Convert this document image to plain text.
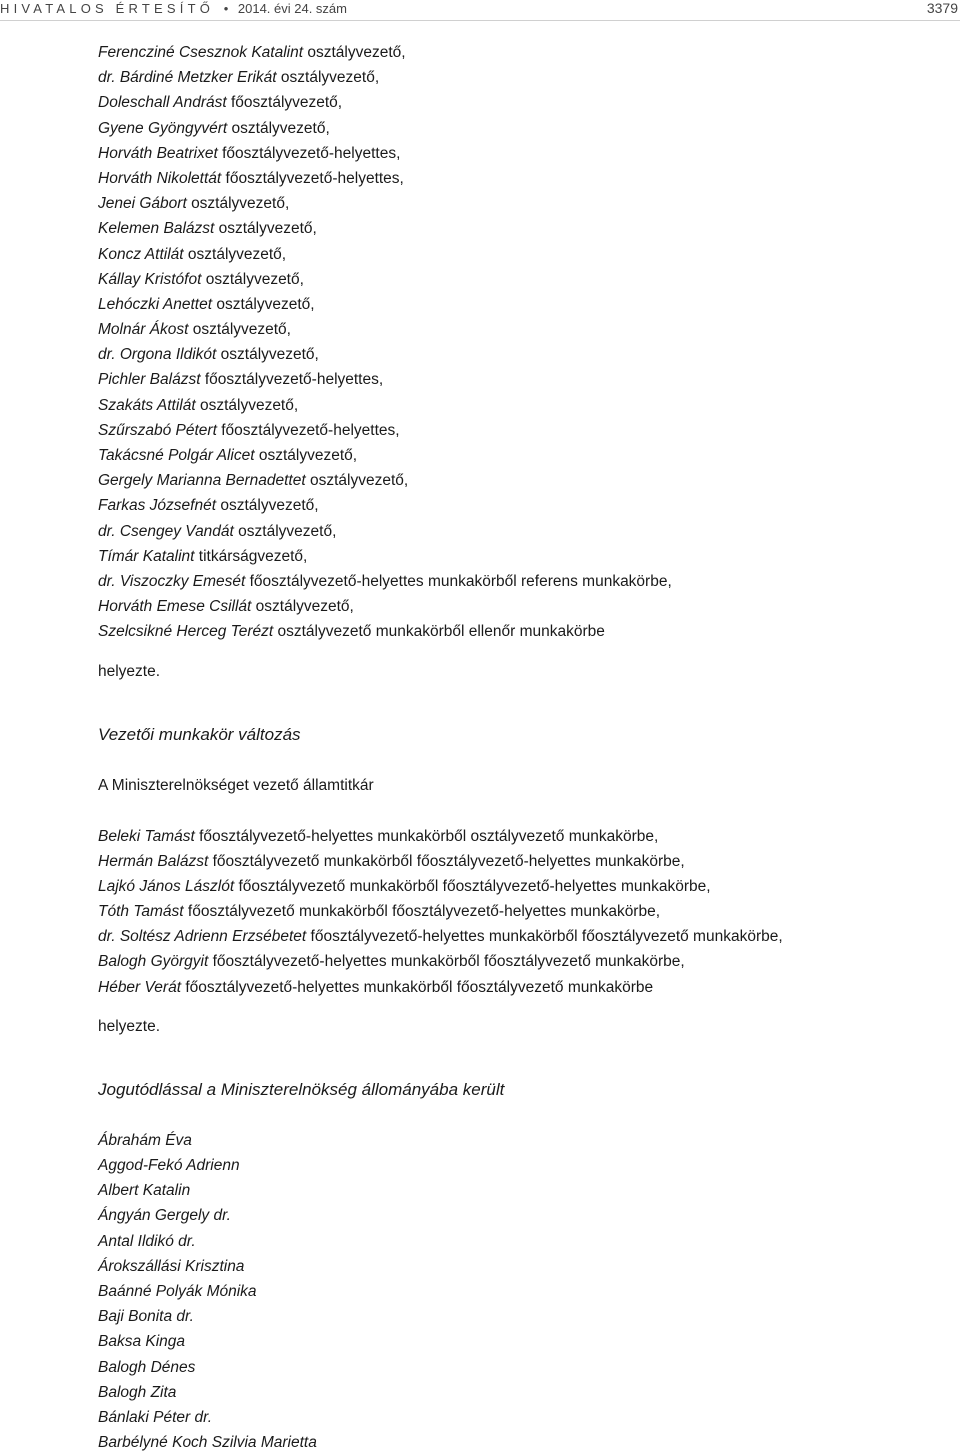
HIVATALOS ÉRTESÍTŐ • 2014. évi 24. szám	3379
Ferencziné Csesznok Katalint osztályvezető,
dr. Bárdiné Metzker Erikát osztályvezető,
Doleschall Andrást főosztályvezető,
Gyene Gyöngyvért osztályvezető,
Horváth Beatrixet főosztályvezető-helyettes,
Horváth Nikolettát főosztályvezető-helyettes,
Jenei Gábort osztályvezető,
Kelemen Balázst osztályvezető,
Koncz Attilát osztályvezető,
Kállay Kristófot osztályvezető,
Lehóczki Anettet osztályvezető,
Molnár Ákost osztályvezető,
dr. Orgona Ildikót osztályvezető,
Pichler Balázst főosztályvezető-helyettes,
Szakáts Attilát osztályvezető,
Szűrszabó Pétert főosztályvezető-helyettes,
Takácsné Polgár Alicet osztályvezető,
Gergely Marianna Bernadettet osztályvezető,
Farkas Józsefnét osztályvezető,
dr. Csengey Vandát osztályvezető,
Tímár Katalint titkárságvezető,
dr. Viszoczky Emesét főosztályvezető-helyettes munkakörből referens munkakörbe,
Horváth Emese Csillát osztályvezető,
Szelcsikné Herceg Terézt osztályvezető munkakörből ellenőr munkakörbe
helyezte.
Vezetői munkakör változás
A Miniszterelnökséget vezető államtitkár
Beleki Tamást főosztályvezető-helyettes munkakörből osztályvezető munkakörbe,
Hermán Balázst főosztályvezető munkakörből főosztályvezető-helyettes munkakörbe,
Lajkó János Lászlót főosztályvezető munkakörből főosztályvezető-helyettes munkakörbe,
Tóth Tamást főosztályvezető munkakörből főosztályvezető-helyettes munkakörbe,
dr. Soltész Adrienn Erzsébetet főosztályvezető-helyettes munkakörből főosztályvezető munkakörbe,
Balogh Györgyit főosztályvezető-helyettes munkakörből főosztályvezető munkakörbe,
Héber Verát főosztályvezető-helyettes munkakörből főosztályvezető munkakörbe
helyezte.
Jogutódlással a Miniszterelnökség állományába került
Ábrahám Éva
Aggod-Fekó Adrienn
Albert Katalin
Ángyán Gergely dr.
Antal Ildikó dr.
Árokszállási Krisztina
Baánné Polyák Mónika
Baji Bonita dr.
Baksa Kinga
Balogh Dénes
Balogh Zita
Bánlaki Péter dr.
Barbélyné Koch Szilvia Marietta
